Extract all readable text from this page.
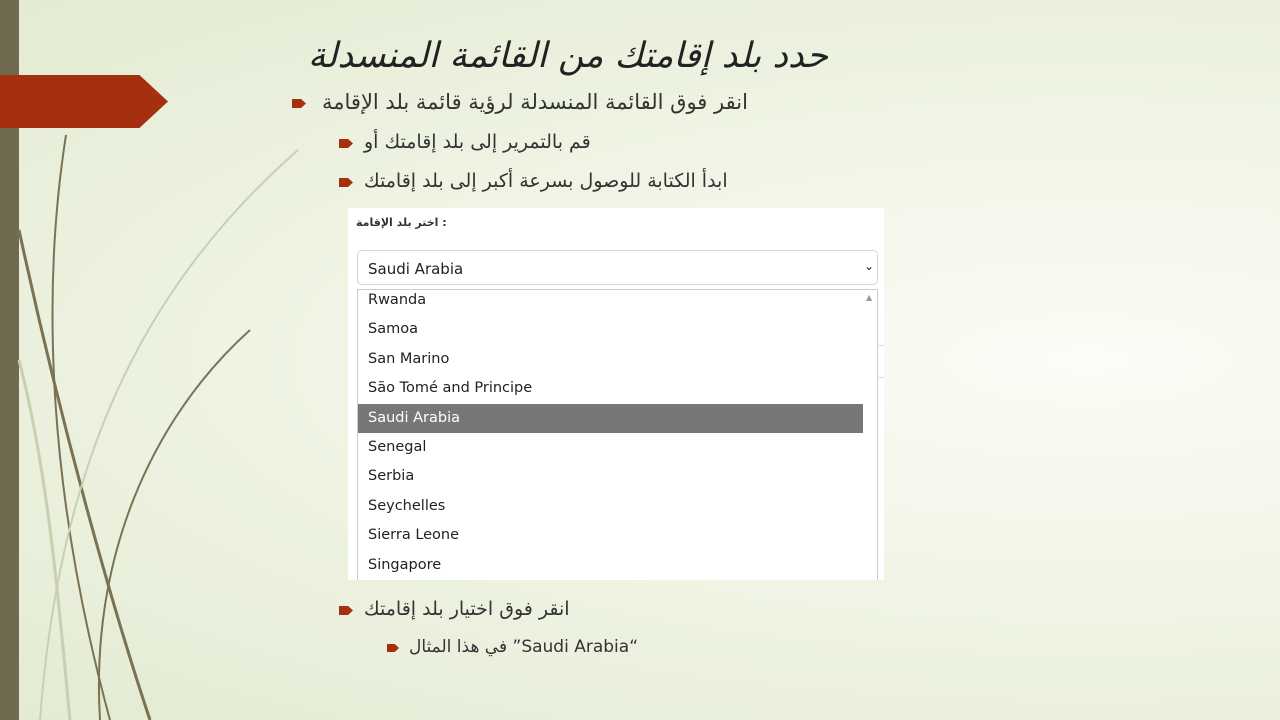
حدد بلد إقامتك من القائمة المنسدلة
انقر فوق القائمة المنسدلة لرؤية قائمة بلد الإقامة
قم بالتمرير إلى بلد إقامتك أو
ابدأ الكتابة للوصول بسرعة أكبر إلى بلد إقامتك
: اختر بلد الإقامة
Saudi Arabia	⌄
Rwanda
Samoa
San Marino
São Tomé and Principe
Saudi Arabia
Senegal
Serbia
Seychelles
Sierra Leone
Singapore
▲
انقر فوق اختيار بلد إقامتك
“Saudi Arabia” في هذا المثال
